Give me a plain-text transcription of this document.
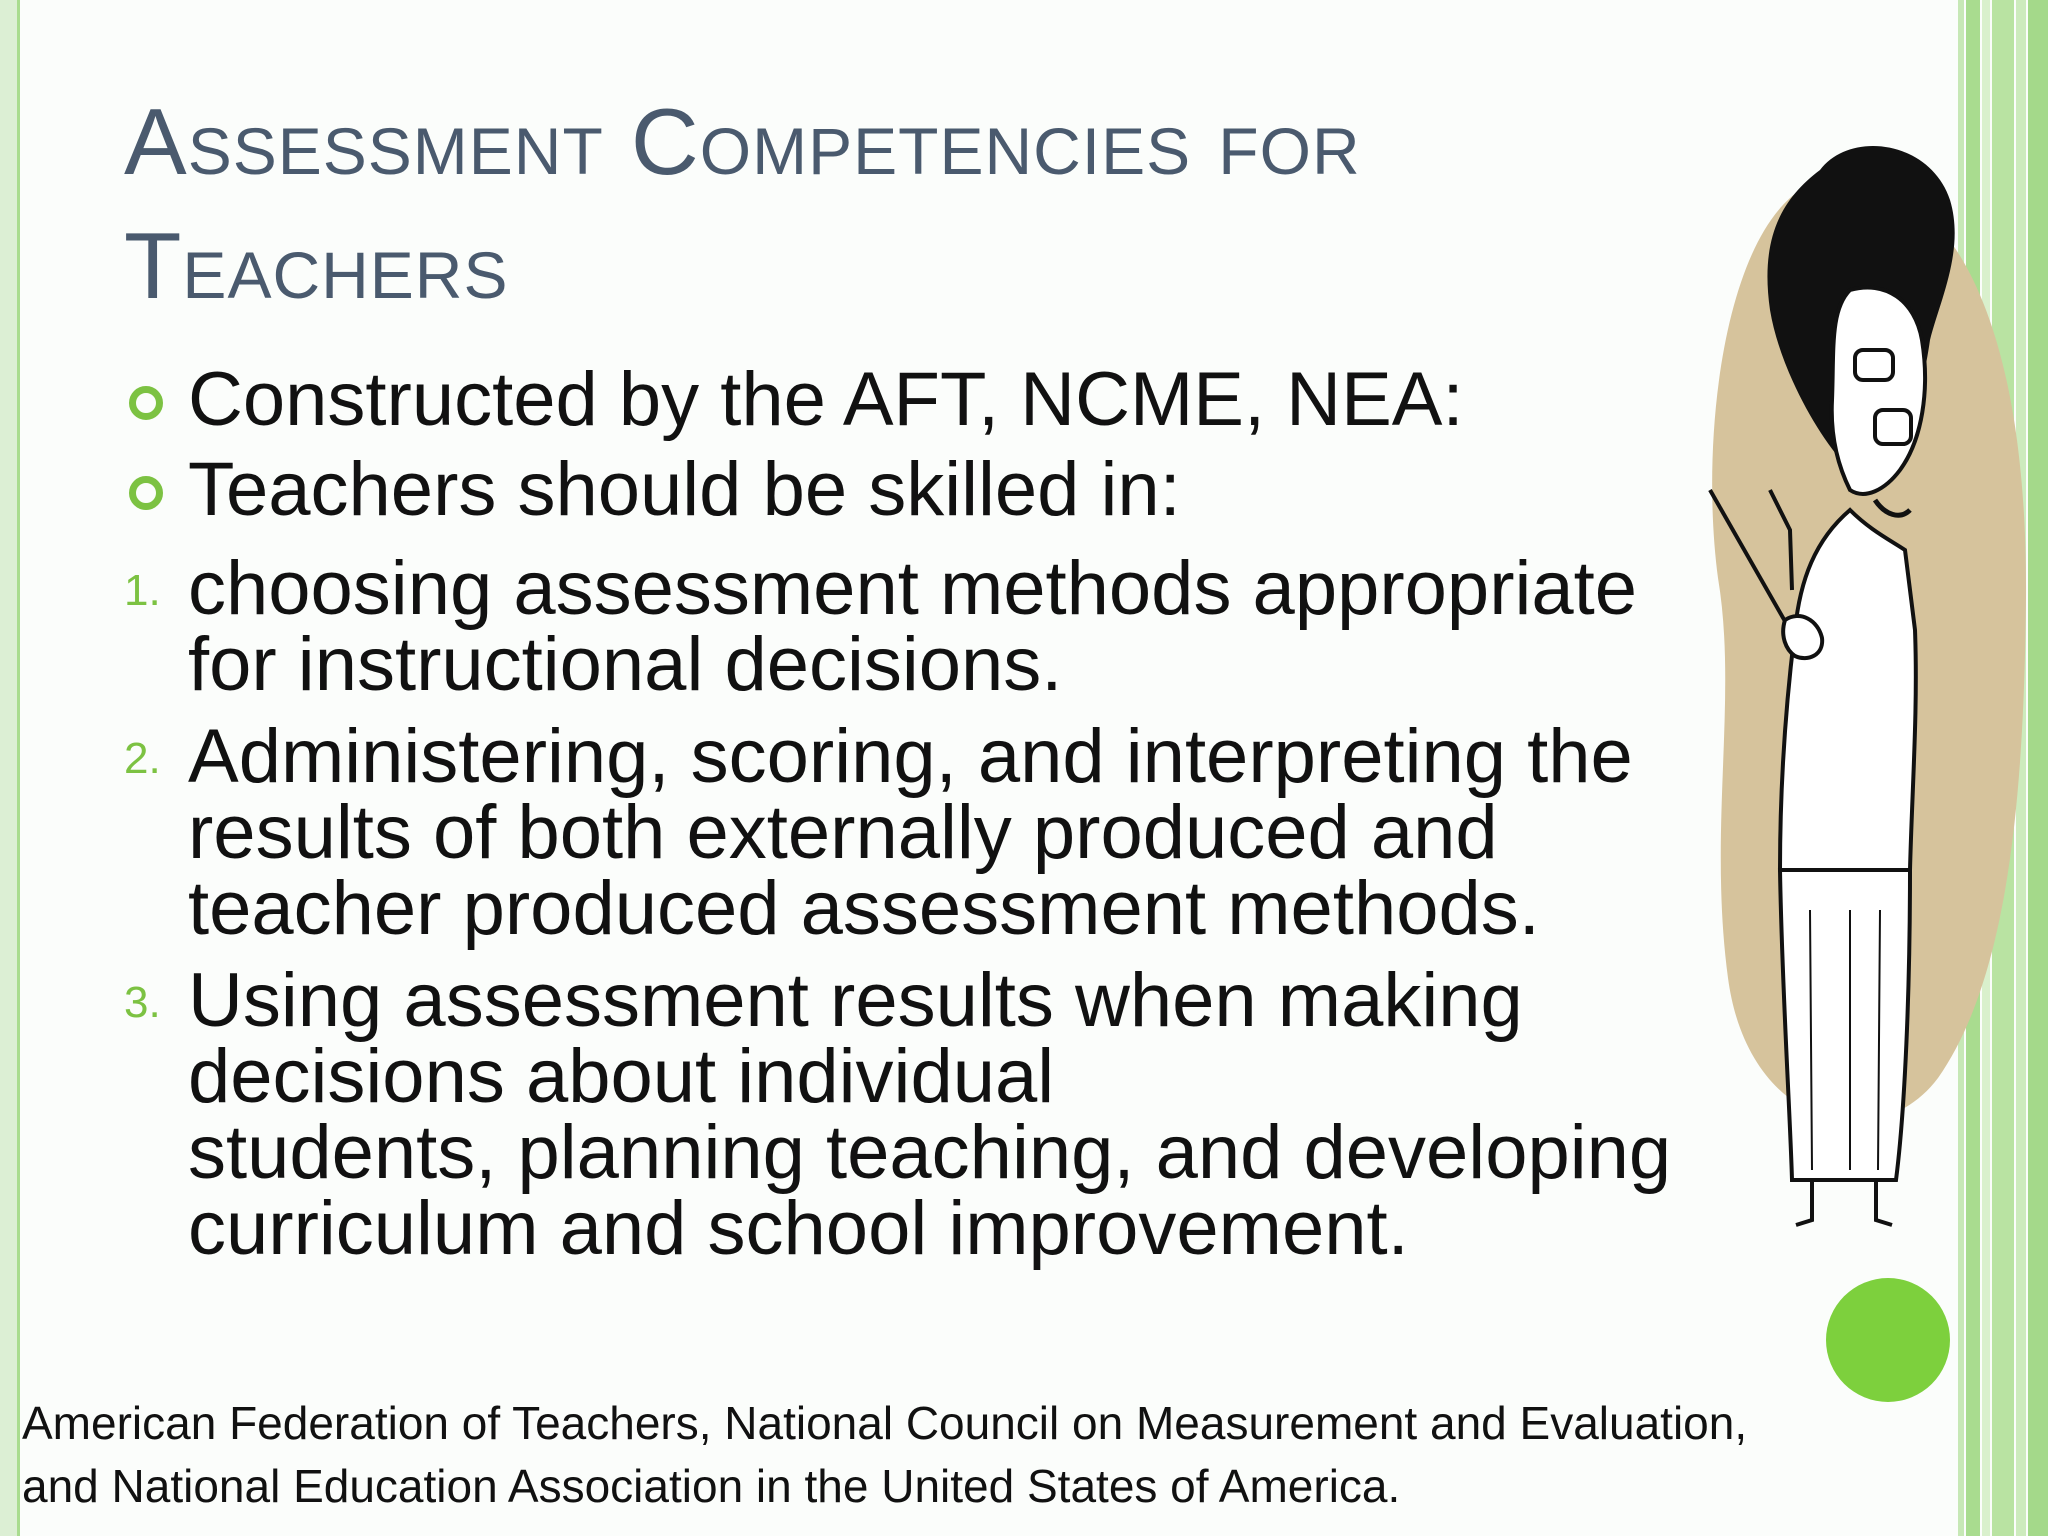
Assessment Competencies for Teachers
Constructed by the AFT, NCME, NEA:
Teachers should be skilled in:
1. choosing assessment methods appropriate
for instructional decisions.
2. Administering, scoring, and interpreting the
results of both externally produced and
teacher produced assessment methods.
3. Using assessment results when making
decisions about individual
students, planning teaching, and developing
curriculum and school improvement.
American Federation of Teachers, National Council on Measurement and Evaluation,
and National Education Association in the United States of America.
